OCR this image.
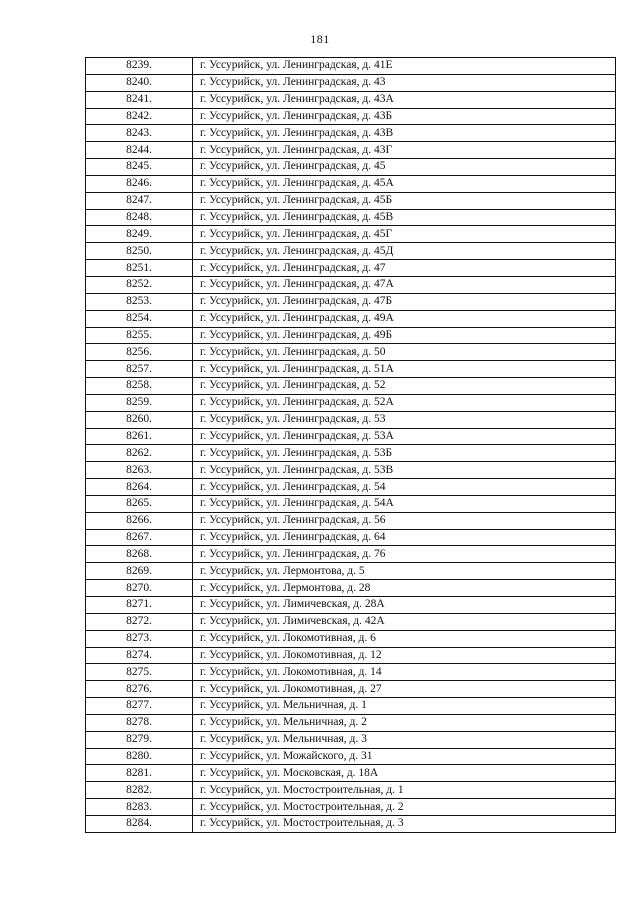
181
8239.	г. Уссурийск, ул. Ленинградская, д. 41Е
8240.	г. Уссурийск, ул. Ленинградская, д. 43
8241.	г. Уссурийск, ул. Ленинградская, д. 43А
8242.	г. Уссурийск, ул. Ленинградская, д. 43Б
8243.	г. Уссурийск, ул. Ленинградская, д. 43В
8244.	г. Уссурийск, ул. Ленинградская, д. 43Г
8245.	г. Уссурийск, ул. Ленинградская, д. 45
8246.	г. Уссурийск, ул. Ленинградская, д. 45А
8247.	г. Уссурийск, ул. Ленинградская, д. 45Б
8248.	г. Уссурийск, ул. Ленинградская, д. 45В
8249.	г. Уссурийск, ул. Ленинградская, д. 45Г
8250.	г. Уссурийск, ул. Ленинградская, д. 45Д
8251.	г. Уссурийск, ул. Ленинградская, д. 47
8252.	г. Уссурийск, ул. Ленинградская, д. 47А
8253.	г. Уссурийск, ул. Ленинградская, д. 47Б
8254.	г. Уссурийск, ул. Ленинградская, д. 49А
8255.	г. Уссурийск, ул. Ленинградская, д. 49Б
8256.	г. Уссурийск, ул. Ленинградская, д. 50
8257.	г. Уссурийск, ул. Ленинградская, д. 51А
8258.	г. Уссурийск, ул. Ленинградская, д. 52
8259.	г. Уссурийск, ул. Ленинградская, д. 52А
8260.	г. Уссурийск, ул. Ленинградская, д. 53
8261.	г. Уссурийск, ул. Ленинградская, д. 53А
8262.	г. Уссурийск, ул. Ленинградская, д. 53Б
8263.	г. Уссурийск, ул. Ленинградская, д. 53В
8264.	г. Уссурийск, ул. Ленинградская, д. 54
8265.	г. Уссурийск, ул. Ленинградская, д. 54А
8266.	г. Уссурийск, ул. Ленинградская, д. 56
8267.	г. Уссурийск, ул. Ленинградская, д. 64
8268.	г. Уссурийск, ул. Ленинградская, д. 76
8269.	г. Уссурийск, ул. Лермонтова, д. 5
8270.	г. Уссурийск, ул. Лермонтова, д. 28
8271.	г. Уссурийск, ул. Лимичевская, д. 28А
8272.	г. Уссурийск, ул. Лимичевская, д. 42А
8273.	г. Уссурийск, ул. Локомотивная, д. 6
8274.	г. Уссурийск, ул. Локомотивная, д. 12
8275.	г. Уссурийск, ул. Локомотивная, д. 14
8276.	г. Уссурийск, ул. Локомотивная, д. 27
8277.	г. Уссурийск, ул. Мельничная, д. 1
8278.	г. Уссурийск, ул. Мельничная, д. 2
8279.	г. Уссурийск, ул. Мельничная, д. 3
8280.	г. Уссурийск, ул. Можайского, д. 31
8281.	г. Уссурийск, ул. Московская, д. 18А
8282.	г. Уссурийск, ул. Мостостроительная, д. 1
8283.	г. Уссурийск, ул. Мостостроительная, д. 2
8284.	г. Уссурийск, ул. Мостостроительная, д. 3
